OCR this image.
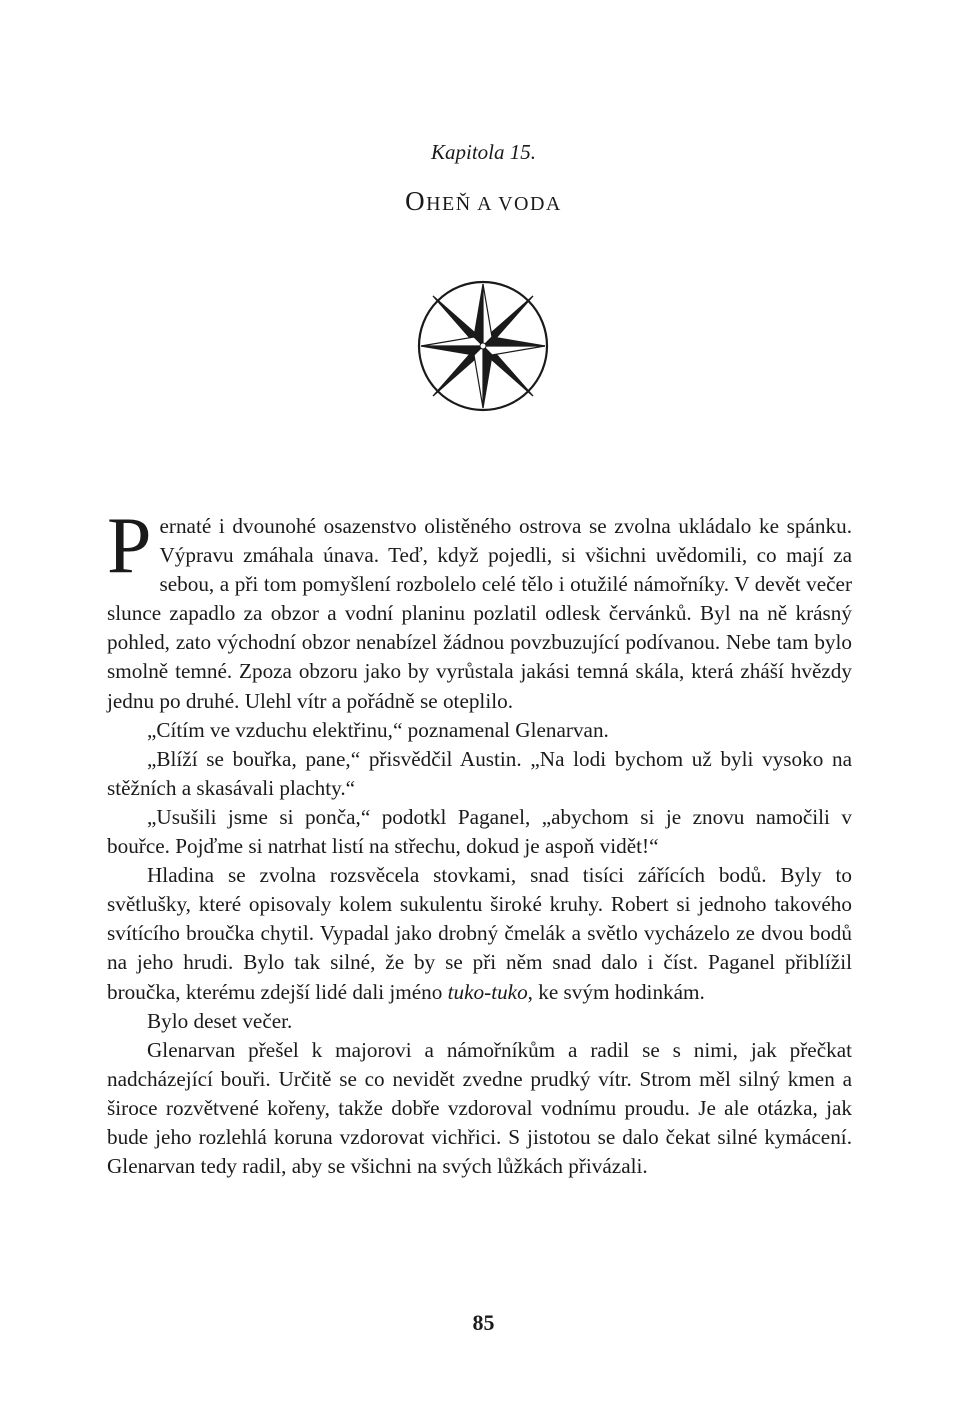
Kapitola 15.
OHEŇ A VODA

Pernaté i dvounohé osazenstvo olistěného ostrova se zvolna ukládalo ke spánku. Výpravu zmáhala únava. Teď, když pojedli, si všichni uvědomili, co mají za sebou, a při tom pomyšlení rozbolelo celé tělo i otužilé námořníky. V devět večer slunce zapadlo za obzor a vodní planinu pozlatil odlesk červánků. Byl na ně krásný pohled, zato východní obzor nenabízel žádnou povzbuzující podívanou. Nebe tam bylo smolně temné. Zpoza obzoru jako by vyrůstala jakási temná skála, která zháší hvězdy jednu po druhé. Ulehl vítr a pořádně se oteplilo.

„Cítím ve vzduchu elektřinu,“ poznamenal Glenarvan.

„Blíží se bouřka, pane,“ přisvědčil Austin. „Na lodi bychom už byli vysoko na stěžních a skasávali plachty.“

„Usušili jsme si ponča,“ podotkl Paganel, „abychom si je znovu namočili v bouřce. Pojďme si natrhat listí na střechu, dokud je aspoň vidět!“

Hladina se zvolna rozsvěcela stovkami, snad tisíci zářících bodů. Byly to světlušky, které opisovaly kolem sukulentu široké kruhy. Robert si jednoho takového svítícího broučka chytil. Vypadal jako drobný čmelák a světlo vycházelo ze dvou bodů na jeho hrudi. Bylo tak silné, že by se při něm snad dalo i číst. Paganel přiblížil broučka, kterému zdejší lidé dali jméno tuko-tuko, ke svým hodinkám.

Bylo deset večer.

Glenarvan přešel k majorovi a námořníkům a radil se s nimi, jak přečkat nadcházející bouři. Určitě se co nevidět zvedne prudký vítr. Strom měl silný kmen a široce rozvětvené kořeny, takže dobře vzdoroval vodnímu proudu. Je ale otázka, jak bude jeho rozlehlá koruna vzdorovat vichřici. S jistotou se dalo čekat silné kymácení. Glenarvan tedy radil, aby se všichni na svých lůžkách přivázali.

85
